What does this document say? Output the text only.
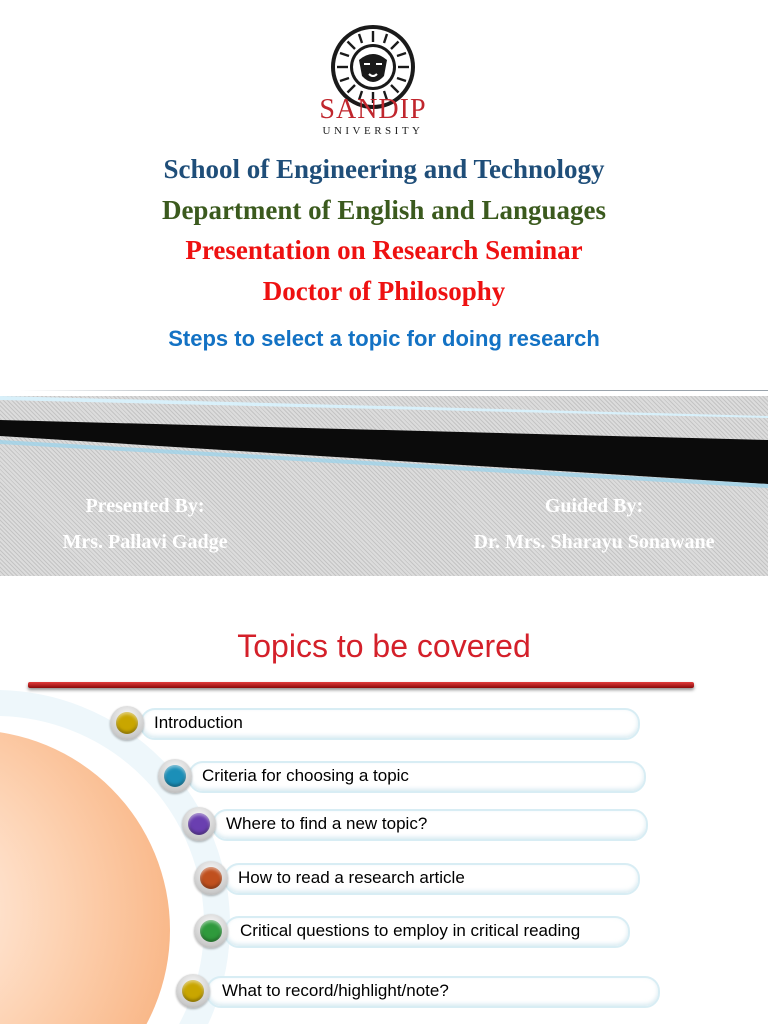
SANDIP
UNIVERSITY
School of Engineering and Technology
Department of English and Languages
Presentation on Research Seminar
Doctor of Philosophy
Steps to select a topic for doing research
Presented By:
Mrs. Pallavi Gadge
Guided By:
Dr. Mrs. Sharayu Sonawane
Topics to be covered
Introduction
Criteria for choosing a topic
Where to find a new topic?
How to read a research article
Critical questions to employ in critical reading
What to record/highlight/note?
